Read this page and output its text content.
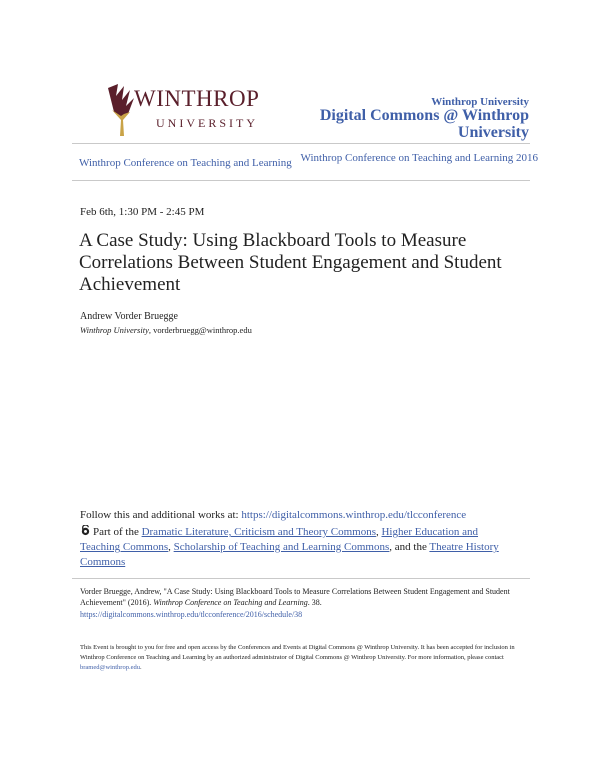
WINTHROP
UNIVERSITY
Winthrop University
Digital Commons @ Winthrop University
Winthrop Conference on Teaching and Learning Winthrop Conference on Teaching and Learning 2016
Feb 6th, 1:30 PM - 2:45 PM
A Case Study: Using Blackboard Tools to Measure Correlations Between Student Engagement and Student Achievement
Andrew Vorder Bruegge
Winthrop University, vorderbruegg@winthrop.edu
Follow this and additional works at: https://digitalcommons.winthrop.edu/tlcconference
Part of the Dramatic Literature, Criticism and Theory Commons, Higher Education and Teaching Commons, Scholarship of Teaching and Learning Commons, and the Theatre History Commons
Vorder Bruegge, Andrew, "A Case Study: Using Blackboard Tools to Measure Correlations Between Student Engagement and Student Achievement" (2016). Winthrop Conference on Teaching and Learning. 38.
https://digitalcommons.winthrop.edu/tlcconference/2016/schedule/38
This Event is brought to you for free and open access by the Conferences and Events at Digital Commons @ Winthrop University. It has been accepted for inclusion in Winthrop Conference on Teaching and Learning by an authorized administrator of Digital Commons @ Winthrop University. For more information, please contact bramed@winthrop.edu.
